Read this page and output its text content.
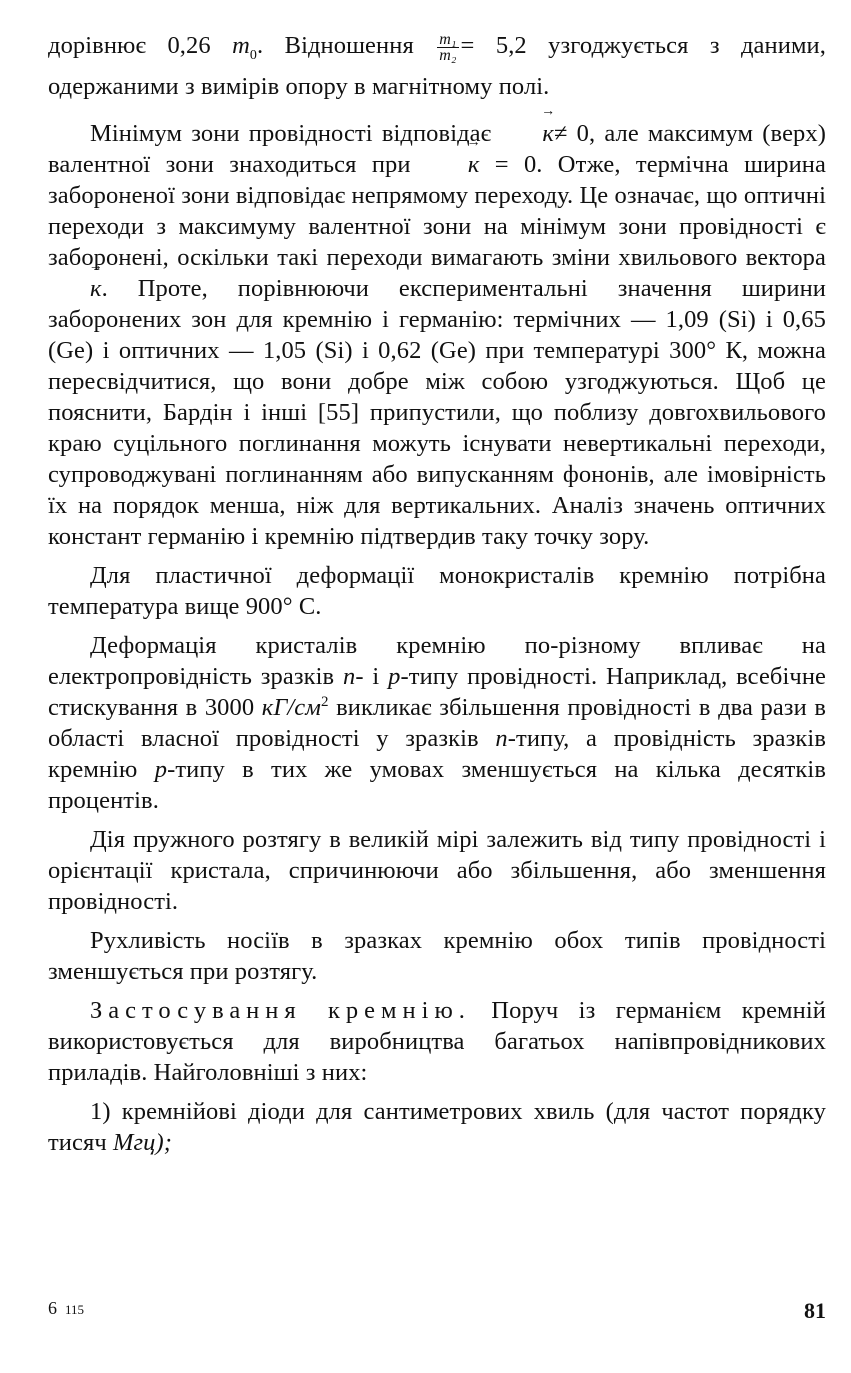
дорівнює 0,26 $m_0$. Відношення $\frac{\text{m₁}}{\text{m₂}} = 5,2$ узгоджується з даними, одержаними з вимірів опору в магнітному полі.

Мінімум зони провідності відповідає → к≠ 0, але максимум (верх) валентної зони знаходиться при → к = 0. Отже, термічна ширина забороненої зони відповідає непрямому переходу. Це означає, що оптичні переходи з максимуму валентної зони на мінімум зони провідності є заборонені, оскільки такі переходи вимагають зміни хвильового вектора → к. Проте, порівнюючи експериментальні значення ширини заборонених зон для кремнію і германію: термічних — 1,09 (Si) і 0,65 (Ge) і оптичних — 1,05 (Si) і 0,62 (Ge) при температурі 300° К, можна пересвідчитися, що вони добре між собою узгоджуються. Щоб це пояснити, Бардін і інші [55] припустили, що поблизу довгохвильового краю суцільного поглинання можуть існувати невертикальні переходи, супроводжувані поглинанням або випусканням фононів, але імовірність їх на порядок менша, ніж для вертикальних. Аналіз значень оптичних констант германію і кремнію підтвердив таку точку зору.

Для пластичної деформації монокристалів кремнію потрібна температура вище 900° С.

Деформація кристалів кремнію по-різному впливає на електропровідність зразків n- і p-типу провідності. Наприклад, всебічне стискування в 3000 $кГ/см^2$ викликає збільшення провідності в два рази в області власної провідності у зразків n-типу, а провідність зразків кремнію p-типу в тих же умовах зменшується на кілька десятків процентів.

Дія пружного розтягу в великій мірі залежить від типу провідності і орієнтації кристала, спричинюючи або збільшення, або зменшення провідності.

Рухливість носіїв в зразках кремнію обох типів провідності зменшується при розтягу.

Застосування кремнію. Поруч із германієм кремній використовується для виробництва багатьох напівпровідникових приладів. Найголовніші з них:

1) кремнійові діоди для сантиметрових хвиль (для частот порядку тисяч Мгц);

6 115	81
